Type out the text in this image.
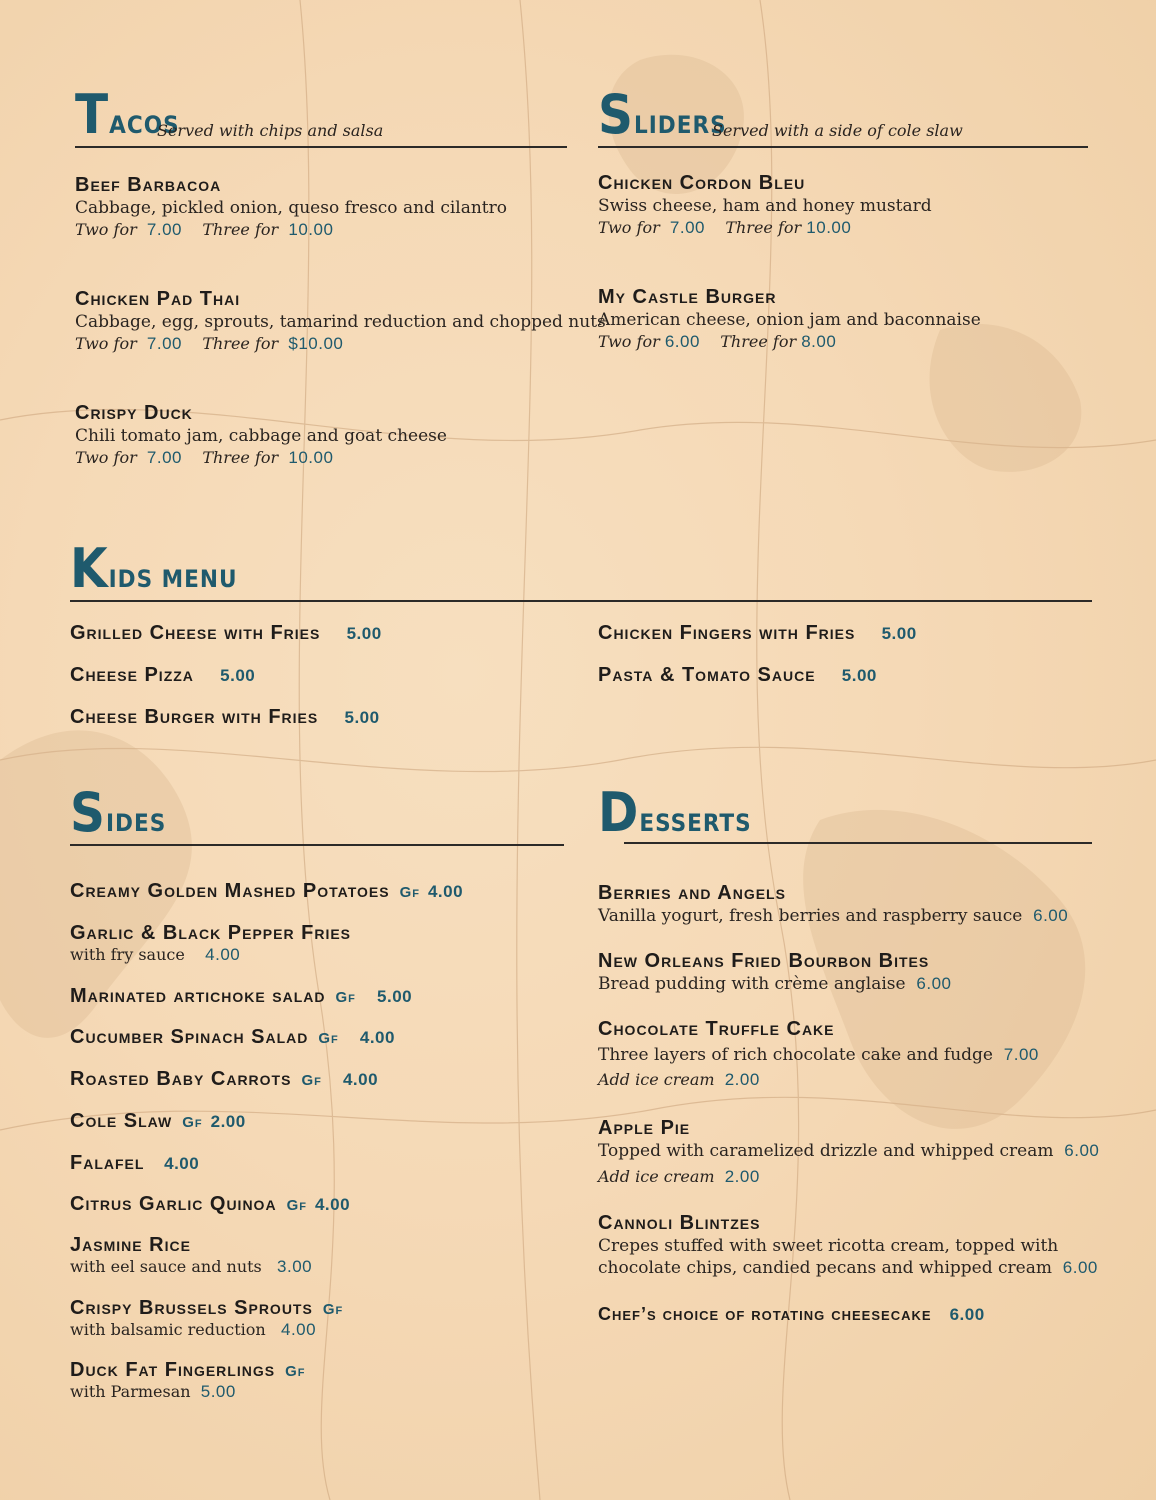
TACOS
Served with chips and salsa
Beef Barbacoa
Cabbage, pickled onion, queso fresco and cilantro
Two for 7.00 Three for 10.00
Chicken Pad Thai
Cabbage, egg, sprouts, tamarind reduction and chopped nuts
Two for 7.00 Three for $10.00
Crispy Duck
Chili tomato jam, cabbage and goat cheese
Two for 7.00 Three for 10.00
SLIDERS
Served with a side of cole slaw
Chicken Cordon Bleu
Swiss cheese, ham and honey mustard
Two for 7.00 Three for 10.00
My Castle Burger
American cheese, onion jam and baconnaise
Two for 6.00 Three for 8.00
KIDS MENU
Grilled Cheese with Fries 5.00
Cheese Pizza 5.00
Cheese Burger with Fries 5.00
Chicken Fingers with Fries 5.00
Pasta & Tomato Sauce 5.00
SIDES
Creamy Golden Mashed Potatoes Gf 4.00
Garlic & Black Pepper Fries
with fry sauce 4.00
Marinated artichoke salad Gf 5.00
Cucumber Spinach Salad Gf 4.00
Roasted Baby Carrots Gf 4.00
Cole Slaw Gf 2.00
Falafel 4.00
Citrus Garlic Quinoa Gf 4.00
Jasmine Rice
with eel sauce and nuts 3.00
Crispy Brussels Sprouts Gf
with balsamic reduction 4.00
Duck Fat Fingerlings Gf
with Parmesan 5.00
DESSERTS
Berries and Angels
Vanilla yogurt, fresh berries and raspberry sauce 6.00
New Orleans Fried Bourbon Bites
Bread pudding with crème anglaise 6.00
Chocolate Truffle Cake
Three layers of rich chocolate cake and fudge 7.00
Add ice cream 2.00
Apple Pie
Topped with caramelized drizzle and whipped cream 6.00
Add ice cream 2.00
Cannoli Blintzes
Crepes stuffed with sweet ricotta cream, topped with
chocolate chips, candied pecans and whipped cream 6.00
Chef’s choice of rotating cheesecake 6.00
